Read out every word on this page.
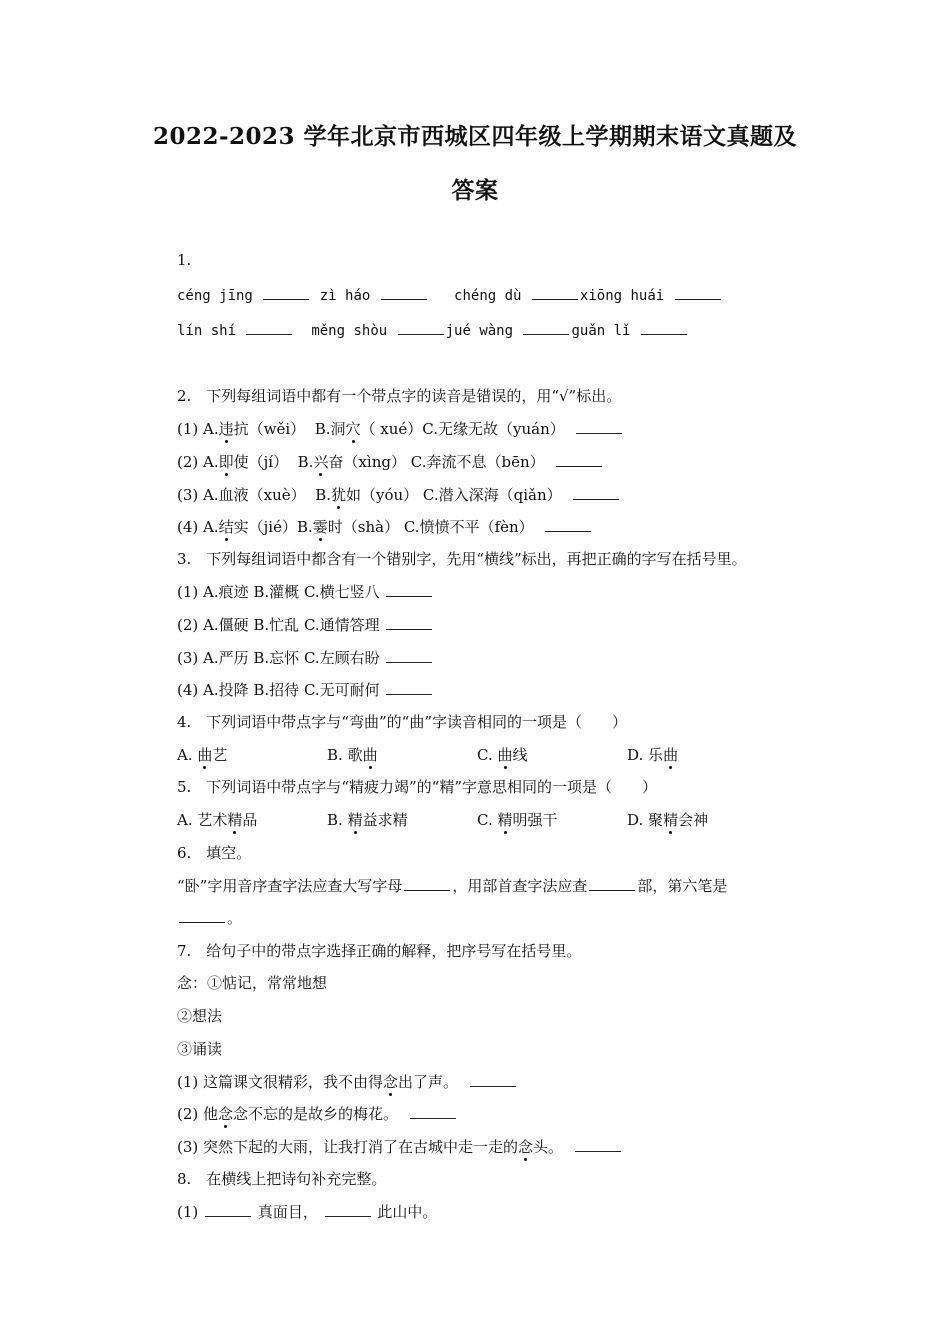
2022-2023 学年北京市西城区四年级上学期期末语文真题及
答案
1.
céng jīng	zì háo	chéng dù	xiōng huái
lín shí	měng shòu	jué wàng	guǎn lǐ
2.　下列每组词语中都有一个带点字的读音是错误的，用“√”标出。
(1) A.违抗（wěi） B.洞穴（ xué）C.无缘无故（yuán）
(2) A.即使（jí） B.兴奋（xìng） C.奔流不息（bēn）
(3) A.血液（xuè） B.犹如（yóu） C.潜入深海（qiǎn）
(4) A.结实（jié）B.霎时（shà） C.愤愤不平（fèn）
3.　下列每组词语中都含有一个错别字，先用“横线”标出，再把正确的字写在括号里。
(1) A.痕迹 B.灌概 C.横七竖八
(2) A.僵硬 B.忙乱 C.通情答理
(3) A.严历 B.忘怀 C.左顾右盼
(4) A.投降 B.招待 C.无可耐何
4.　下列词语中带点字与“弯曲”的“曲”字读音相同的一项是（　　）
A. 曲艺	B. 歌曲	C. 曲线	D. 乐曲
5.　下列词语中带点字与“精疲力竭”的“精”字意思相同的一项是（　　）
A. 艺术精品	B. 精益求精	C. 精明强干	D. 聚精会神
6.　填空。
“卧”字用音序查字法应查大写字母	，用部首查字法应查	部，第六笔是
。
7.　给句子中的带点字选择正确的解释，把序号写在括号里。
念：①惦记，常常地想
②想法
③诵读
(1) 这篇课文很精彩，我不由得念出了声。
(2) 他念念不忘的是故乡的梅花。
(3) 突然下起的大雨，让我打消了在古城中走一走的念头。
8.　在横线上把诗句补充完整。
(1)	真面目，	此山中。
